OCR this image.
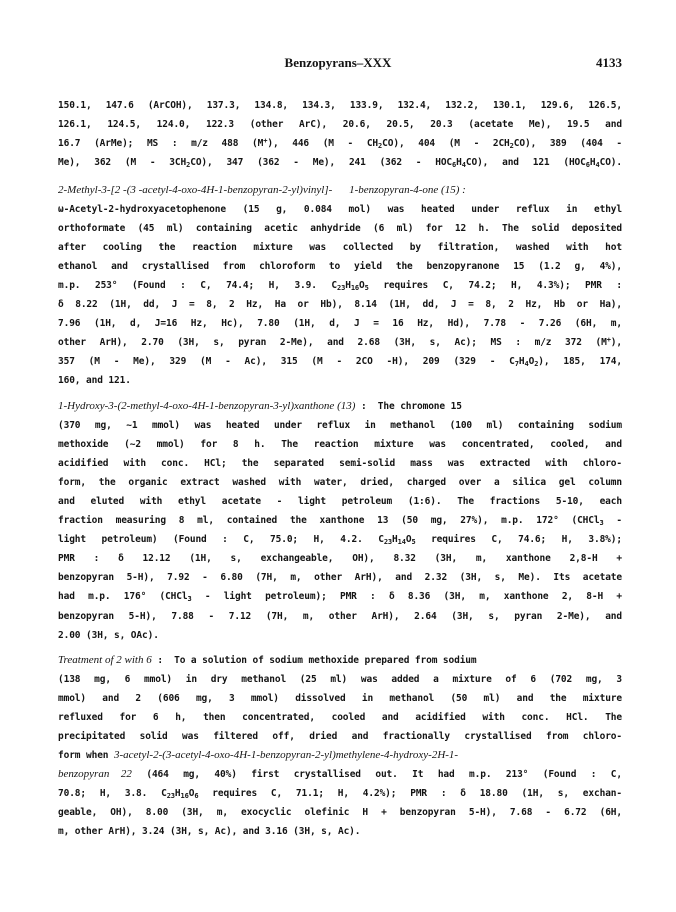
Benzopyrans–XXX	4133
150.1, 147.6 (ArCOH), 137.3, 134.8, 134.3, 133.9, 132.4, 132.2, 130.1, 129.6, 126.5,
126.1, 124.5, 124.0, 122.3 (other ArC), 20.6, 20.5, 20.3 (acetate Me), 19.5 and
16.7 (ArMe); MS : m/z 488 (M+), 446 $(M - CH_2CO)$, 404 $(M - 2CH_2CO)$, 389 (404 -
Me), 362 $(M - 3CH_2CO)$, 347 (362 - Me), 241 $(362 - HOC_6H_4CO)$, and 121 $(HOC_6H_4CO)$.
2-Methyl-3-[2 -(3 -acetyl-4-oxo-4H-1-benzopyran-2-yl)vinyl]- 1-benzopyran-4-one (15) :
ω-Acetyl-2-hydroxyacetophenone (15 g, 0.084 mol) was heated under reflux in ethyl
orthoformate (45 ml) containing acetic anhydride (6 ml) for 12 h. The solid deposited
after cooling the reaction mixture was collected by filtration, washed with hot
ethanol and crystallised from chloroform to yield the benzopyranone 15 (1.2 g, 4%),
m.p. 253° (Found : C, 74.4; H, 3.9. $C_{23}H_{16}O_5$ requires C, 74.2; H, 4.3%); PMR :
δ 8.22 (1H, dd, J = 8, 2 Hz, Ha or Hb), 8.14 (1H, dd, J = 8, 2 Hz, Hb or Ha),
7.96 (1H, d, J=16 Hz, Hc), 7.80 (1H, d, J = 16 Hz, Hd), 7.78 - 7.26 (6H, m,
other ArH), 2.70 (3H, s, pyran 2-Me), and 2.68 (3H, s, Ac); MS : m/z 372 (M+),
357 (M - Me), 329 (M - Ac), 315 (M - 2CO -H), 209 $(329 - C_7H_4O_2)$, 185, 174,
160, and 121.
1-Hydroxy-3-(2-methyl-4-oxo-4H-1-benzopyran-3-yl)xanthone (13) :  The chromone 15
(370 mg, ~1 mmol) was heated under reflux in methanol (100 ml) containing sodium
methoxide (~2 mmol) for 8 h. The reaction mixture was concentrated, cooled, and
acidified with conc. HCl; the separated semi-solid mass was extracted with chloro-
form, the organic extract washed with water, dried, charged over a silica gel column
and eluted with ethyl acetate - light petroleum (1:6). The fractions 5-10, each
fraction measuring 8 ml, contained the xanthone 13 (50 mg, 27%), m.p. 172° (CHCl$_3$ -
light petroleum) (Found : C, 75.0; H, 4.2. $C_{23}H_{14}O_5$ requires C, 74.6; H, 3.8%);
PMR : δ 12.12 (1H, s, exchangeable, OH), 8.32 (3H, m, xanthone 2,8-H +
benzopyran 5-H), 7.92 - 6.80 (7H, m, other ArH), and 2.32 (3H, s, Me). Its acetate
had m.p. 176° (CHCl$_3$ - light petroleum); PMR : δ 8.36 (3H, m, xanthone 2, 8-H +
benzopyran 5-H), 7.88 - 7.12 (7H, m, other ArH), 2.64 (3H, s, pyran 2-Me), and
2.00 (3H, s, OAc).
Treatment of 2 with 6 :  To a solution of sodium methoxide prepared from sodium
(138 mg, 6 mmol) in dry methanol (25 ml) was added a mixture of 6 (702 mg, 3
mmol) and 2 (606 mg, 3 mmol) dissolved in methanol (50 ml) and the mixture
refluxed for 6 h, then concentrated, cooled and acidified with conc. HCl. The
precipitated solid was filtered off, dried and fractionally crystallised from chloro-
form when 3-acetyl-2-(3-acetyl-4-oxo-4H-1-benzopyran-2-yl)methylene-4-hydroxy-2H-1-
benzopyran 22 (464 mg, 40%) first crystallised out. It had m.p. 213° (Found : C,
70.8; H, 3.8. $C_{23}H_{16}O_6$ requires C, 71.1; H, 4.2%); PMR : δ 18.80 (1H, s, exchan-
geable, OH), 8.00 (3H, m, exocyclic olefinic H + benzopyran 5-H), 7.68 - 6.72 (6H,
m, other ArH), 3.24 (3H, s, Ac), and 3.16 (3H, s, Ac).
